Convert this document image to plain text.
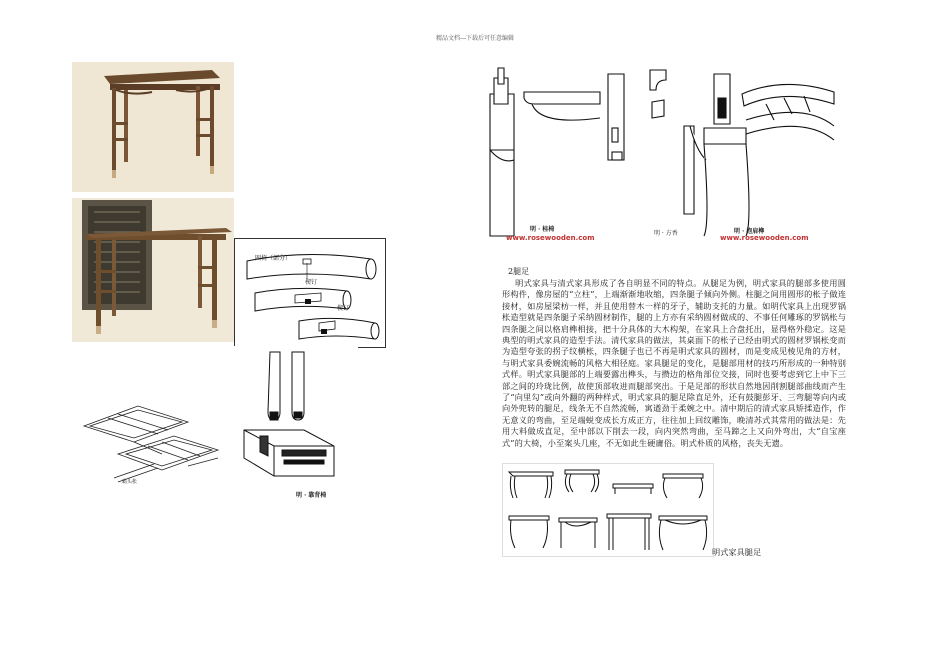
精品文档---下载后可任意编辑
圈椅（部分）
楔钉
楔钉
霸头枨
明 · 靠背椅
明 · 桂椅
www.rosewooden.com
明 · 方香	明 · 抱肩榫
www.rosewooden.com
2腿足

明式家具与清式家具形成了各自明显不同的特点。从腿足为例，明式家具的腿部多使用圆形构件，像房屋的“立柱”，上端渐渐地收缩，四条腿子倾向外侧。柱腿之间用圆形的枨子做连接材，如房屋梁枋一样，并且使用替木一样的牙子，辅助支托的力量。如明代家具上出现罗锅枨造型就是四条腿子采纳圆材制作，腿的上方亦有采纳圆材做成的、不事任何雕琢的罗锅枨与四条腿之间以格肩榫相接，把十分具体的大木构架，在家具上合盘托出，显得格外稳定。这是典型的明式家具的造型手法。清代家具的做法，其桌面下的枨子已经由明式的圆材罗锅枨变而为造型夸张的拐子纹横枨，四条腿子也已不再是明式家具的圆材，而是变成见棱见角的方材，与明式家具委婉流畅的风格大相径庭。家具腿足的变化，是腿部用材的技巧所形成的一种特别式样。明式家具腿部的上端要露出榫头，与攒边的格角部位交接，同时也要考虑到它上中下三部之间的玲珑比例，故使顶部收进而腿部突出。于是足部的形状自然地因削割腿部曲线而产生了“向里勾”或向外翻的两种样式，明式家具的腿足除直足外，还有鼓腿彭牙、三弯腿等向内或向外兜转的腿足，线条无不自然流畅，寓遒劲于柔婉之中。清中期后的清式家具矫揉造作，作无意义的弯曲，至足端蜕变成长方成正方，往往加上回纹雕饰，晚清苏式其常用的做法是：先用大料做成直足，至中部以下削去一段，向内突然弯曲，至马蹄之上又向外弯出，大“自宝座式”的大椅，小至案头几座，不无如此生硬庸俗。明式朴质的风格，丧失无遗。

明式家具腿足
